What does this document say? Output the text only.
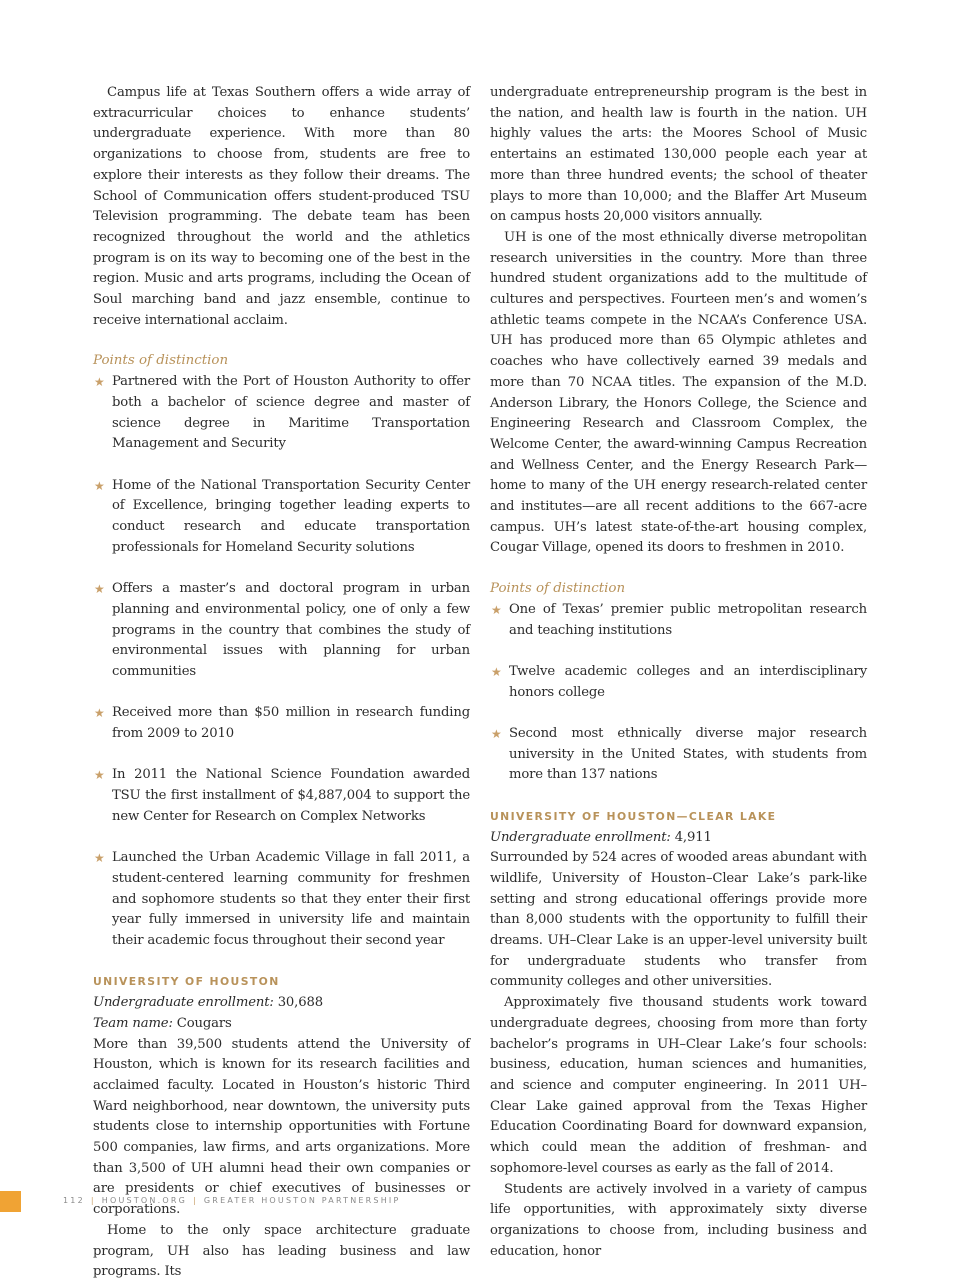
Campus life at Texas Southern offers a wide array of extracurricular choices to enhance students’ undergraduate experience. With more than 80 organizations to choose from, students are free to explore their interests as they follow their dreams. The School of Communication offers student-produced TSU Television programming. The debate team has been recognized throughout the world and the athletics program is on its way to becoming one of the best in the region. Music and arts programs, including the Ocean of Soul marching band and jazz ensemble, continue to receive international acclaim.

Points of distinction
★ Partnered with the Port of Houston Authority to offer both a bachelor of science degree and master of science degree in Maritime Transportation Management and Security
★ Home of the National Transportation Security Center of Excellence, bringing together leading experts to conduct research and educate transportation professionals for Homeland Security solutions
★ Offers a master’s and doctoral program in urban planning and environmental policy, one of only a few programs in the country that combines the study of environmental issues with planning for urban communities
★ Received more than $50 million in research funding from 2009 to 2010
★ In 2011 the National Science Foundation awarded TSU the first installment of $4,887,004 to support the new Center for Research on Complex Networks
★ Launched the Urban Academic Village in fall 2011, a student-centered learning community for freshmen and sophomore students so that they enter their first year fully immersed in university life and maintain their academic focus throughout their second year
UNIVERSITY OF HOUSTON
Undergraduate enrollment: 30,688
Team name: Cougars

More than 39,500 students attend the University of Houston, which is known for its research facilities and acclaimed faculty. Located in Houston’s historic Third Ward neighborhood, near downtown, the university puts students close to internship opportunities with Fortune 500 companies, law firms, and arts organizations. More than 3,500 of UH alumni head their own companies or are presidents or chief executives of businesses or corporations.

Home to the only space architecture graduate program, UH also has leading business and law programs. Its

undergraduate entrepreneurship program is the best in the nation, and health law is fourth in the nation. UH highly values the arts: the Moores School of Music entertains an estimated 130,000 people each year at more than three hundred events; the school of theater plays to more than 10,000; and the Blaffer Art Museum on campus hosts 20,000 visitors annually.

UH is one of the most ethnically diverse metropolitan research universities in the country. More than three hundred student organizations add to the multitude of cultures and perspectives. Fourteen men’s and women’s athletic teams compete in the NCAA’s Conference USA. UH has produced more than 65 Olympic athletes and coaches who have collectively earned 39 medals and more than 70 NCAA titles. The expansion of the M.D. Anderson Library, the Honors College, the Science and Engineering Research and Classroom Complex, the Welcome Center, the award-winning Campus Recreation and Wellness Center, and the Energy Research Park—home to many of the UH energy research-related center and institutes—are all recent additions to the 667-acre campus. UH’s latest state-of-the-art housing complex, Cougar Village, opened its doors to freshmen in 2010.

Points of distinction
★ One of Texas’ premier public metropolitan research and teaching institutions
★ Twelve academic colleges and an interdisciplinary honors college
★ Second most ethnically diverse major research university in the United States, with students from more than 137 nations
UNIVERSITY OF HOUSTON—CLEAR LAKE
Undergraduate enrollment: 4,911

Surrounded by 524 acres of wooded areas abundant with wildlife, University of Houston–Clear Lake’s park-like setting and strong educational offerings provide more than 8,000 students with the opportunity to fulfill their dreams. UH–Clear Lake is an upper-level university built for undergraduate students who transfer from community colleges and other universities.

Approximately five thousand students work toward undergraduate degrees, choosing from more than forty bachelor’s programs in UH–Clear Lake’s four schools: business, education, human sciences and humanities, and science and computer engineering. In 2011 UH–Clear Lake gained approval from the Texas Higher Education Coordinating Board for downward expansion, which could mean the addition of freshman- and sophomore-level courses as early as the fall of 2014.

Students are actively involved in a variety of campus life opportunities, with approximately sixty diverse organizations to choose from, including business and education, honor

112 | HOUSTON.ORG | GREATER HOUSTON PARTNERSHIP
